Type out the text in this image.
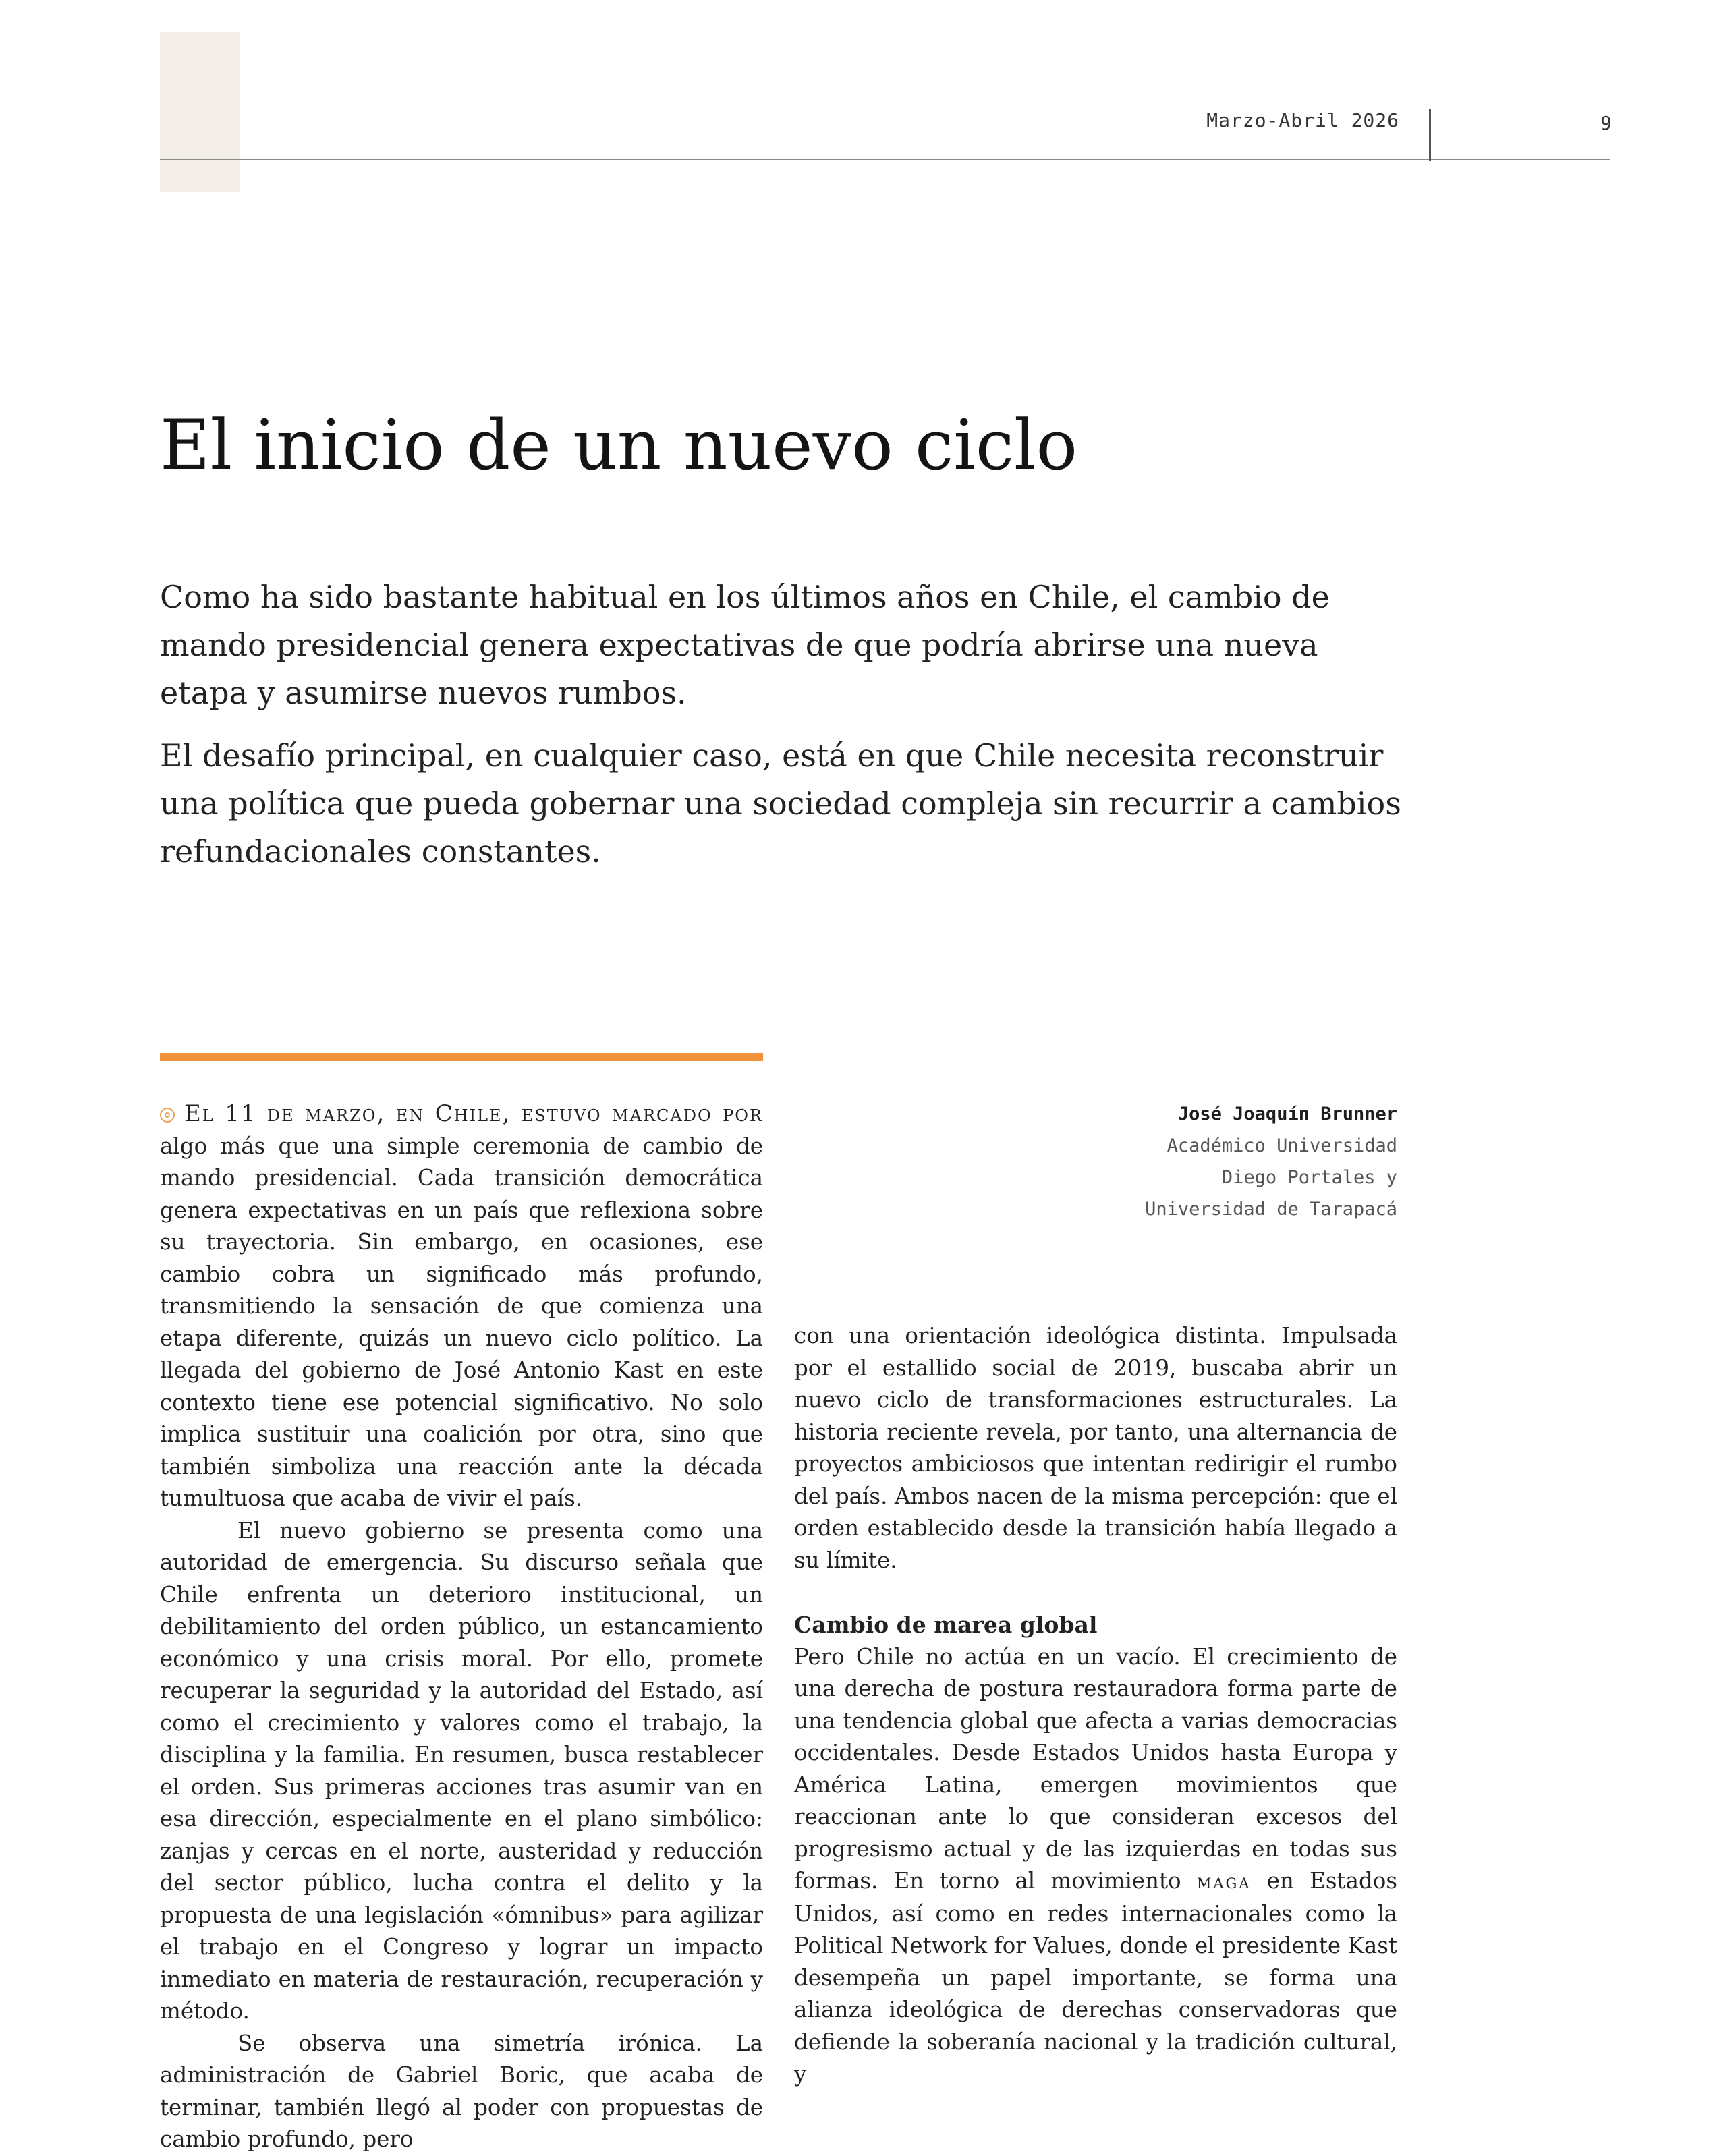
Marzo-Abril 2026	9
El inicio de un nuevo ciclo

Como ha sido bastante habitual en los últimos años en Chile, el cambio de mando presidencial genera expectativas de que podría abrirse una nueva etapa y asumirse nuevos rumbos.

El desafío principal, en cualquier caso, está en que Chile necesita reconstruir una política que pueda gobernar una sociedad compleja sin recurrir a cambios refundacionales constantes.

El 11 de marzo, en Chile, estuvo marcado por algo más que una simple ceremonia de cambio de mando presidencial. Cada transición democrática genera expectativas en un país que reflexiona sobre su trayectoria. Sin embargo, en ocasiones, ese cambio cobra un significado más profundo, transmitiendo la sensación de que comienza una etapa diferente, quizás un nuevo ciclo político. La llegada del gobierno de José Antonio Kast en este contexto tiene ese potencial significativo. No solo implica sustituir una coalición por otra, sino que también simboliza una reacción ante la década tumultuosa que acaba de vivir el país.

El nuevo gobierno se presenta como una autoridad de emergencia. Su discurso señala que Chile enfrenta un deterioro institucional, un debilitamiento del orden público, un estancamiento económico y una crisis moral. Por ello, promete recuperar la seguridad y la autoridad del Estado, así como el crecimiento y valores como el trabajo, la disciplina y la familia. En resumen, busca restablecer el orden. Sus primeras acciones tras asumir van en esa dirección, especialmente en el plano simbólico: zanjas y cercas en el norte, austeridad y reducción del sector público, lucha contra el delito y la propuesta de una legislación «ómnibus» para agilizar el trabajo en el Congreso y lograr un impacto inmediato en materia de restauración, recuperación y método.

Se observa una simetría irónica. La administración de Gabriel Boric, que acaba de terminar, también llegó al poder con propuestas de cambio profundo, pero

José Joaquín Brunner
Académico Universidad
Diego Portales y
Universidad de Tarapacá

con una orientación ideológica distinta. Impulsada por el estallido social de 2019, buscaba abrir un nuevo ciclo de transformaciones estructurales. La historia reciente revela, por tanto, una alternancia de proyectos ambiciosos que intentan redirigir el rumbo del país. Ambos nacen de la misma percepción: que el orden establecido desde la transición había llegado a su límite.

Cambio de marea global

Pero Chile no actúa en un vacío. El crecimiento de una derecha de postura restauradora forma parte de una tendencia global que afecta a varias democracias occidentales. Desde Estados Unidos hasta Europa y América Latina, emergen movimientos que reaccionan ante lo que consideran excesos del progresismo actual y de las izquierdas en todas sus formas. En torno al movimiento maga en Estados Unidos, así como en redes internacionales como la Political Network for Values, donde el presidente Kast desempeña un papel importante, se forma una alianza ideológica de derechas conservadoras que defiende la soberanía nacional y la tradición cultural, y
